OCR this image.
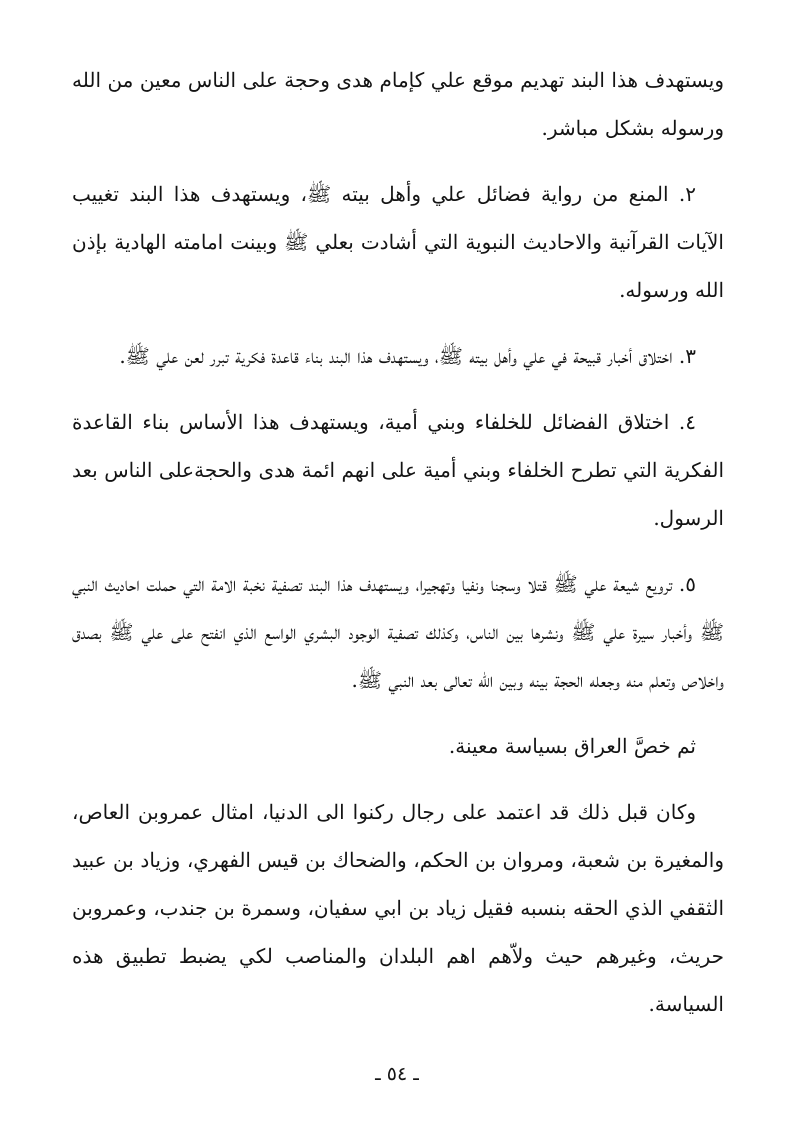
ويستهدف هذا البند تهديم موقع علي كإمام هدى وحجة على الناس معين من الله ورسوله بشكل مباشر.

٢. المنع من رواية فضائل علي وأهل بيته ﷺ، ويستهدف هذا البند تغييب الآيات القرآنية والاحاديث النبوية التي أشادت بعلي ﷺ وبينت امامته الهادية بإذن الله ورسوله.

٣. اختلاق أخبار قبيحة في علي وأهل بيته ﷺ، ويستهدف هذا البند بناء قاعدة فكرية تبرر لعن علي ﷺ.

٤. اختلاق الفضائل للخلفاء وبني أمية، ويستهدف هذا الأساس بناء القاعدة الفكرية التي تطرح الخلفاء وبني أمية على انهم ائمة هدى والحجةعلى الناس بعد الرسول.

٥. ترويع شيعة علي ﷺ قتلا وسجنا ونفيا وتهجيرا، ويستهدف هذا البند تصفية نخبة الامة التي حملت احاديث النبي ﷺ وأخبار سيرة علي ﷺ ونشرها بين الناس، وكذلك تصفية الوجود البشري الواسع الذي انفتح على علي ﷺ بصدق واخلاص وتعلم منه وجعله الحجة بينه وبين الله تعالى بعد النبي ﷺ.

ثم خصَّ العراق بسياسة معينة.

وكان قبل ذلك قد اعتمد على رجال ركنوا الى الدنيا، امثال عمروبن العاص، والمغيرة بن شعبة، ومروان بن الحكم، والضحاك بن قيس الفهري، وزياد بن عبيد الثقفي الذي الحقه بنسبه فقيل زياد بن ابي سفيان، وسمرة بن جندب، وعمروبن حريث، وغيرهم حيث ولاّهم اهم البلدان والمناصب لكي يضبط تطبيق هذه السياسة.

ـ ٥٤ ـ
